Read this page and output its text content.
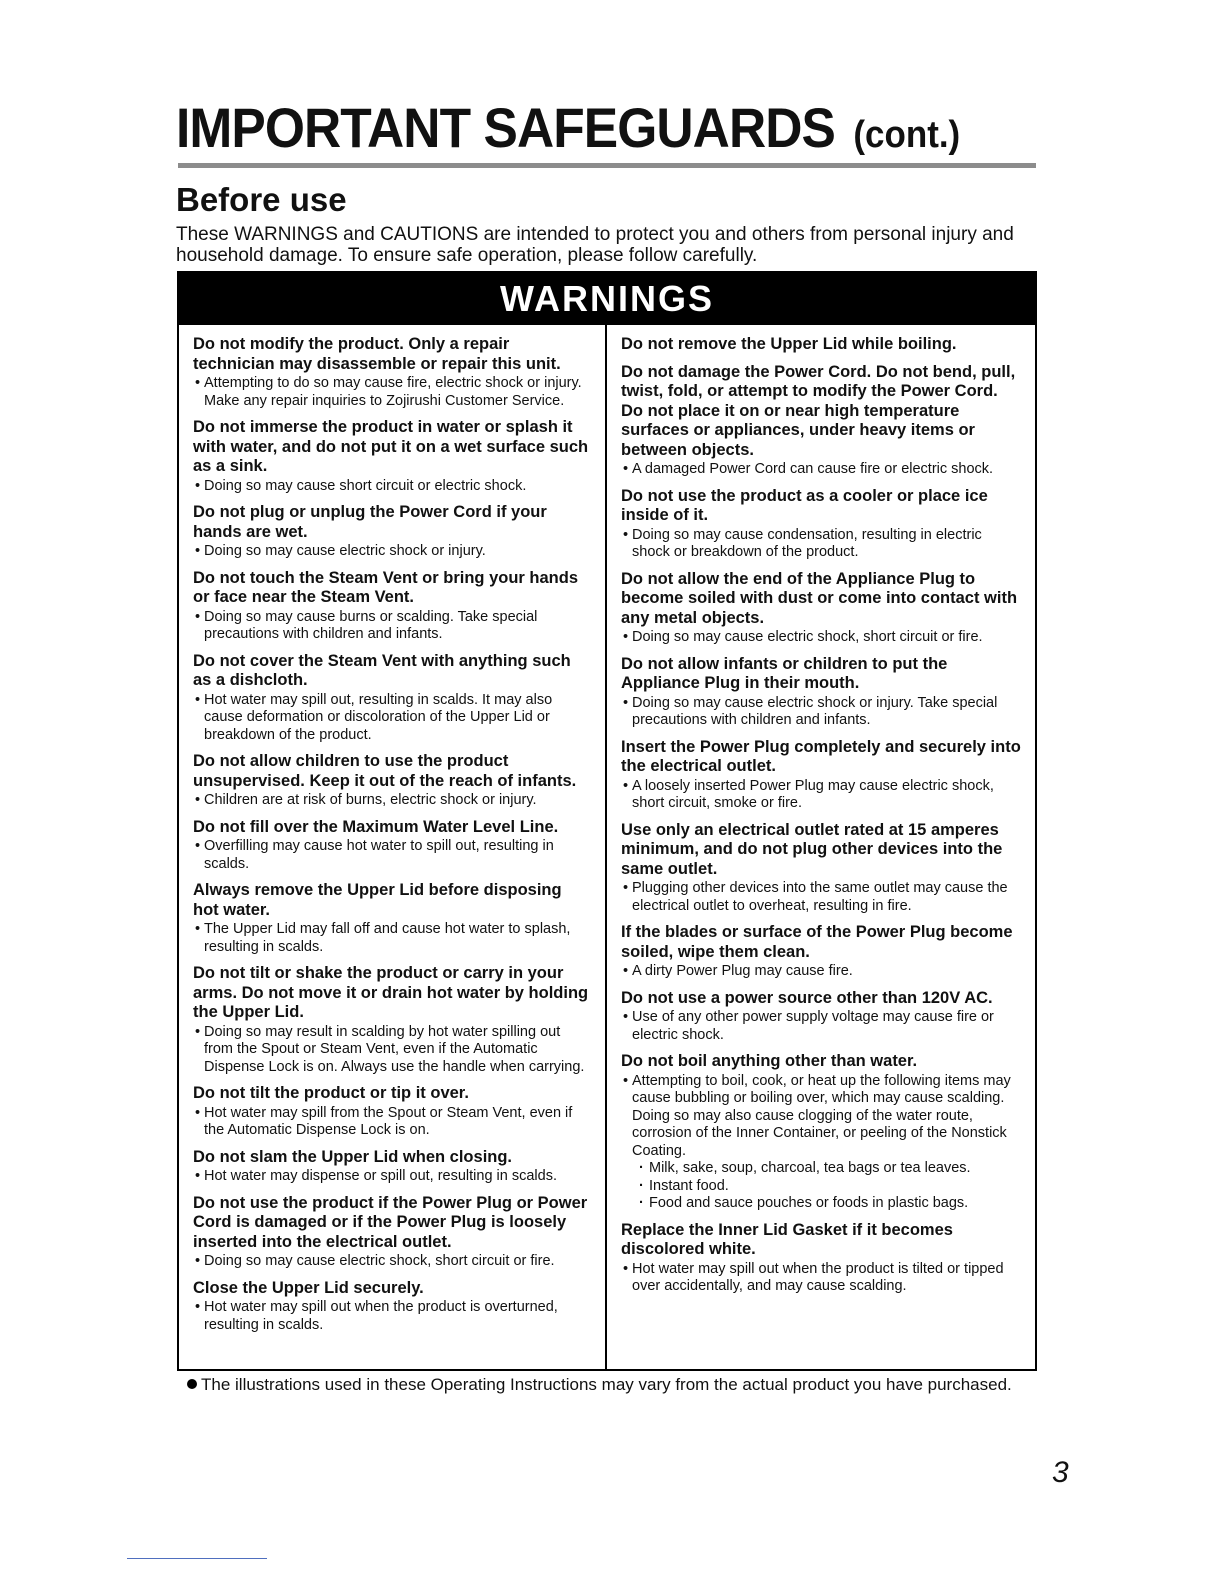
IMPORTANT SAFEGUARDS (cont.)
Before use

These WARNINGS and CAUTIONS are intended to protect you and others from personal injury and household damage. To ensure safe operation, please follow carefully.

WARNINGS

Do not modify the product. Only a repair technician may disassemble or repair this unit.

• Attempting to do so may cause fire, electric shock or injury. Make any repair inquiries to Zojirushi Customer Service.

Do not immerse the product in water or splash it with water, and do not put it on a wet surface such as a sink.

• Doing so may cause short circuit or electric shock.

Do not plug or unplug the Power Cord if your hands are wet.

• Doing so may cause electric shock or injury.

Do not touch the Steam Vent or bring your hands or face near the Steam Vent.

• Doing so may cause burns or scalding. Take special precautions with children and infants.

Do not cover the Steam Vent with anything such as a dishcloth.

• Hot water may spill out, resulting in scalds. It may also cause deformation or discoloration of the Upper Lid or breakdown of the product.

Do not allow children to use the product unsupervised. Keep it out of the reach of infants.

• Children are at risk of burns, electric shock or injury.

Do not fill over the Maximum Water Level Line.

• Overfilling may cause hot water to spill out, resulting in scalds.

Always remove the Upper Lid before disposing hot water.

• The Upper Lid may fall off and cause hot water to splash, resulting in scalds.

Do not tilt or shake the product or carry in your arms. Do not move it or drain hot water by holding the Upper Lid.

• Doing so may result in scalding by hot water spilling out from the Spout or Steam Vent, even if the Automatic Dispense Lock is on. Always use the handle when carrying.

Do not tilt the product or tip it over.

• Hot water may spill from the Spout or Steam Vent, even if the Automatic Dispense Lock is on.

Do not slam the Upper Lid when closing.

• Hot water may dispense or spill out, resulting in scalds.

Do not use the product if the Power Plug or Power Cord is damaged or if the Power Plug is loosely inserted into the electrical outlet.

• Doing so may cause electric shock, short circuit or fire.

Close the Upper Lid securely.

• Hot water may spill out when the product is overturned, resulting in scalds.

Do not remove the Upper Lid while boiling.

Do not damage the Power Cord. Do not bend, pull, twist, fold, or attempt to modify the Power Cord. Do not place it on or near high temperature surfaces or appliances, under heavy items or between objects.

• A damaged Power Cord can cause fire or electric shock.

Do not use the product as a cooler or place ice inside of it.

• Doing so may cause condensation, resulting in electric shock or breakdown of the product.

Do not allow the end of the Appliance Plug to become soiled with dust or come into contact with any metal objects.

• Doing so may cause electric shock, short circuit or fire.

Do not allow infants or children to put the Appliance Plug in their mouth.

• Doing so may cause electric shock or injury. Take special precautions with children and infants.

Insert the Power Plug completely and securely into the electrical outlet.

• A loosely inserted Power Plug may cause electric shock, short circuit, smoke or fire.

Use only an electrical outlet rated at 15 amperes minimum, and do not plug other devices into the same outlet.

• Plugging other devices into the same outlet may cause the electrical outlet to overheat, resulting in fire.

If the blades or surface of the Power Plug become soiled, wipe them clean.

• A dirty Power Plug may cause fire.

Do not use a power source other than 120V AC.

• Use of any other power supply voltage may cause fire or electric shock.

Do not boil anything other than water.

• Attempting to boil, cook, or heat up the following items may cause bubbling or boiling over, which may cause scalding. Doing so may also cause clogging of the water route, corrosion of the Inner Container, or peeling of the Nonstick Coating.

· Milk, sake, soup, charcoal, tea bags or tea leaves.

· Instant food.

· Food and sauce pouches or foods in plastic bags.

Replace the Inner Lid Gasket if it becomes discolored white.

• Hot water may spill out when the product is tilted or tipped over accidentally, and may cause scalding.

The illustrations used in these Operating Instructions may vary from the actual product you have purchased.

3
